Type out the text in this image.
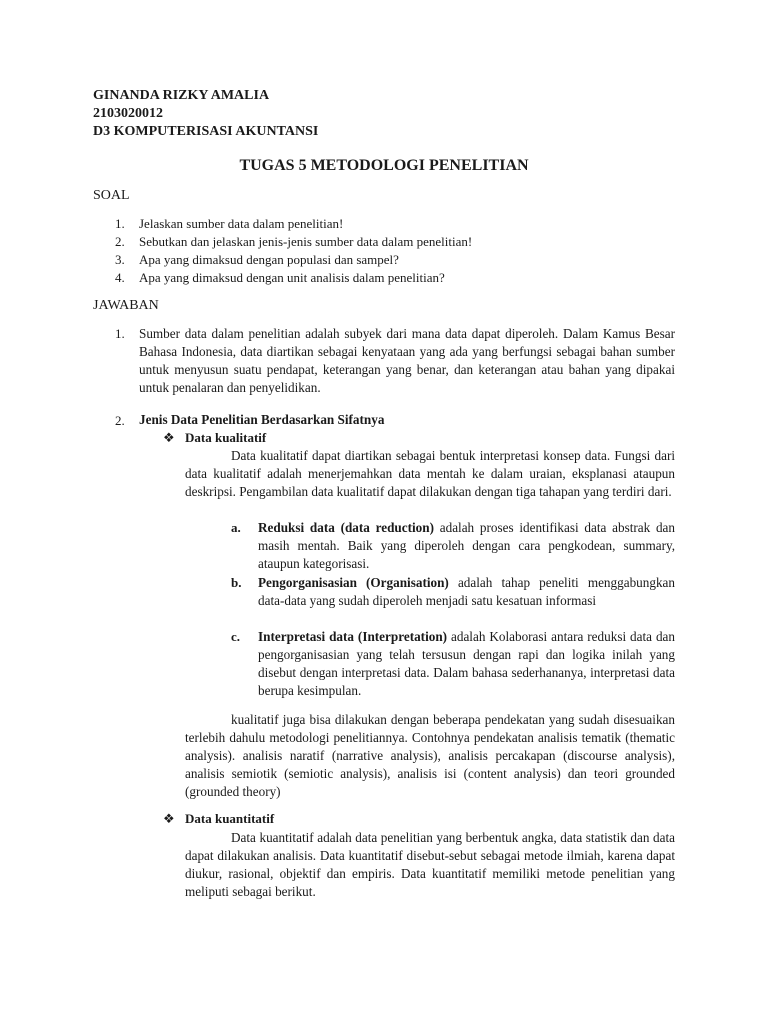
GINANDA RIZKY AMALIA
2103020012
D3 KOMPUTERISASI AKUNTANSI
TUGAS 5 METODOLOGI PENELITIAN
SOAL
1. Jelaskan sumber data dalam penelitian!
2. Sebutkan dan jelaskan jenis-jenis sumber data dalam penelitian!
3. Apa yang dimaksud dengan populasi dan sampel?
4. Apa yang dimaksud dengan unit analisis dalam penelitian?
JAWABAN
1. Sumber data dalam penelitian adalah subyek dari mana data dapat diperoleh. Dalam Kamus Besar Bahasa Indonesia, data diartikan sebagai kenyataan yang ada yang berfungsi sebagai bahan sumber untuk menyusun suatu pendapat, keterangan yang benar, dan keterangan atau bahan yang dipakai untuk penalaran dan penyelidikan.
2. Jenis Data Penelitian Berdasarkan Sifatnya
❖ Data kualitatif
Data kualitatif dapat diartikan sebagai bentuk interpretasi konsep data. Fungsi dari data kualitatif adalah menerjemahkan data mentah ke dalam uraian, eksplanasi ataupun deskripsi. Pengambilan data kualitatif dapat dilakukan dengan tiga tahapan yang terdiri dari.
a. Reduksi data (data reduction) adalah proses identifikasi data abstrak dan masih mentah. Baik yang diperoleh dengan cara pengkodean, summary, ataupun kategorisasi.
b. Pengorganisasian (Organisation) adalah tahap peneliti menggabungkan data-data yang sudah diperoleh menjadi satu kesatuan informasi
c. Interpretasi data (Interpretation) adalah Kolaborasi antara reduksi data dan pengorganisasian yang telah tersusun dengan rapi dan logika inilah yang disebut dengan interpretasi data. Dalam bahasa sederhananya, interpretasi data berupa kesimpulan.
kualitatif juga bisa dilakukan dengan beberapa pendekatan yang sudah disesuaikan terlebih dahulu metodologi penelitiannya. Contohnya pendekatan analisis tematik (thematic analysis). analisis naratif (narrative analysis), analisis percakapan (discourse analysis), analisis semiotik (semiotic analysis), analisis isi (content analysis) dan teori grounded (grounded theory)
❖ Data kuantitatif
Data kuantitatif adalah data penelitian yang berbentuk angka, data statistik dan data dapat dilakukan analisis. Data kuantitatif disebut-sebut sebagai metode ilmiah, karena dapat diukur, rasional, objektif dan empiris. Data kuantitatif memiliki metode penelitian yang meliputi sebagai berikut.
